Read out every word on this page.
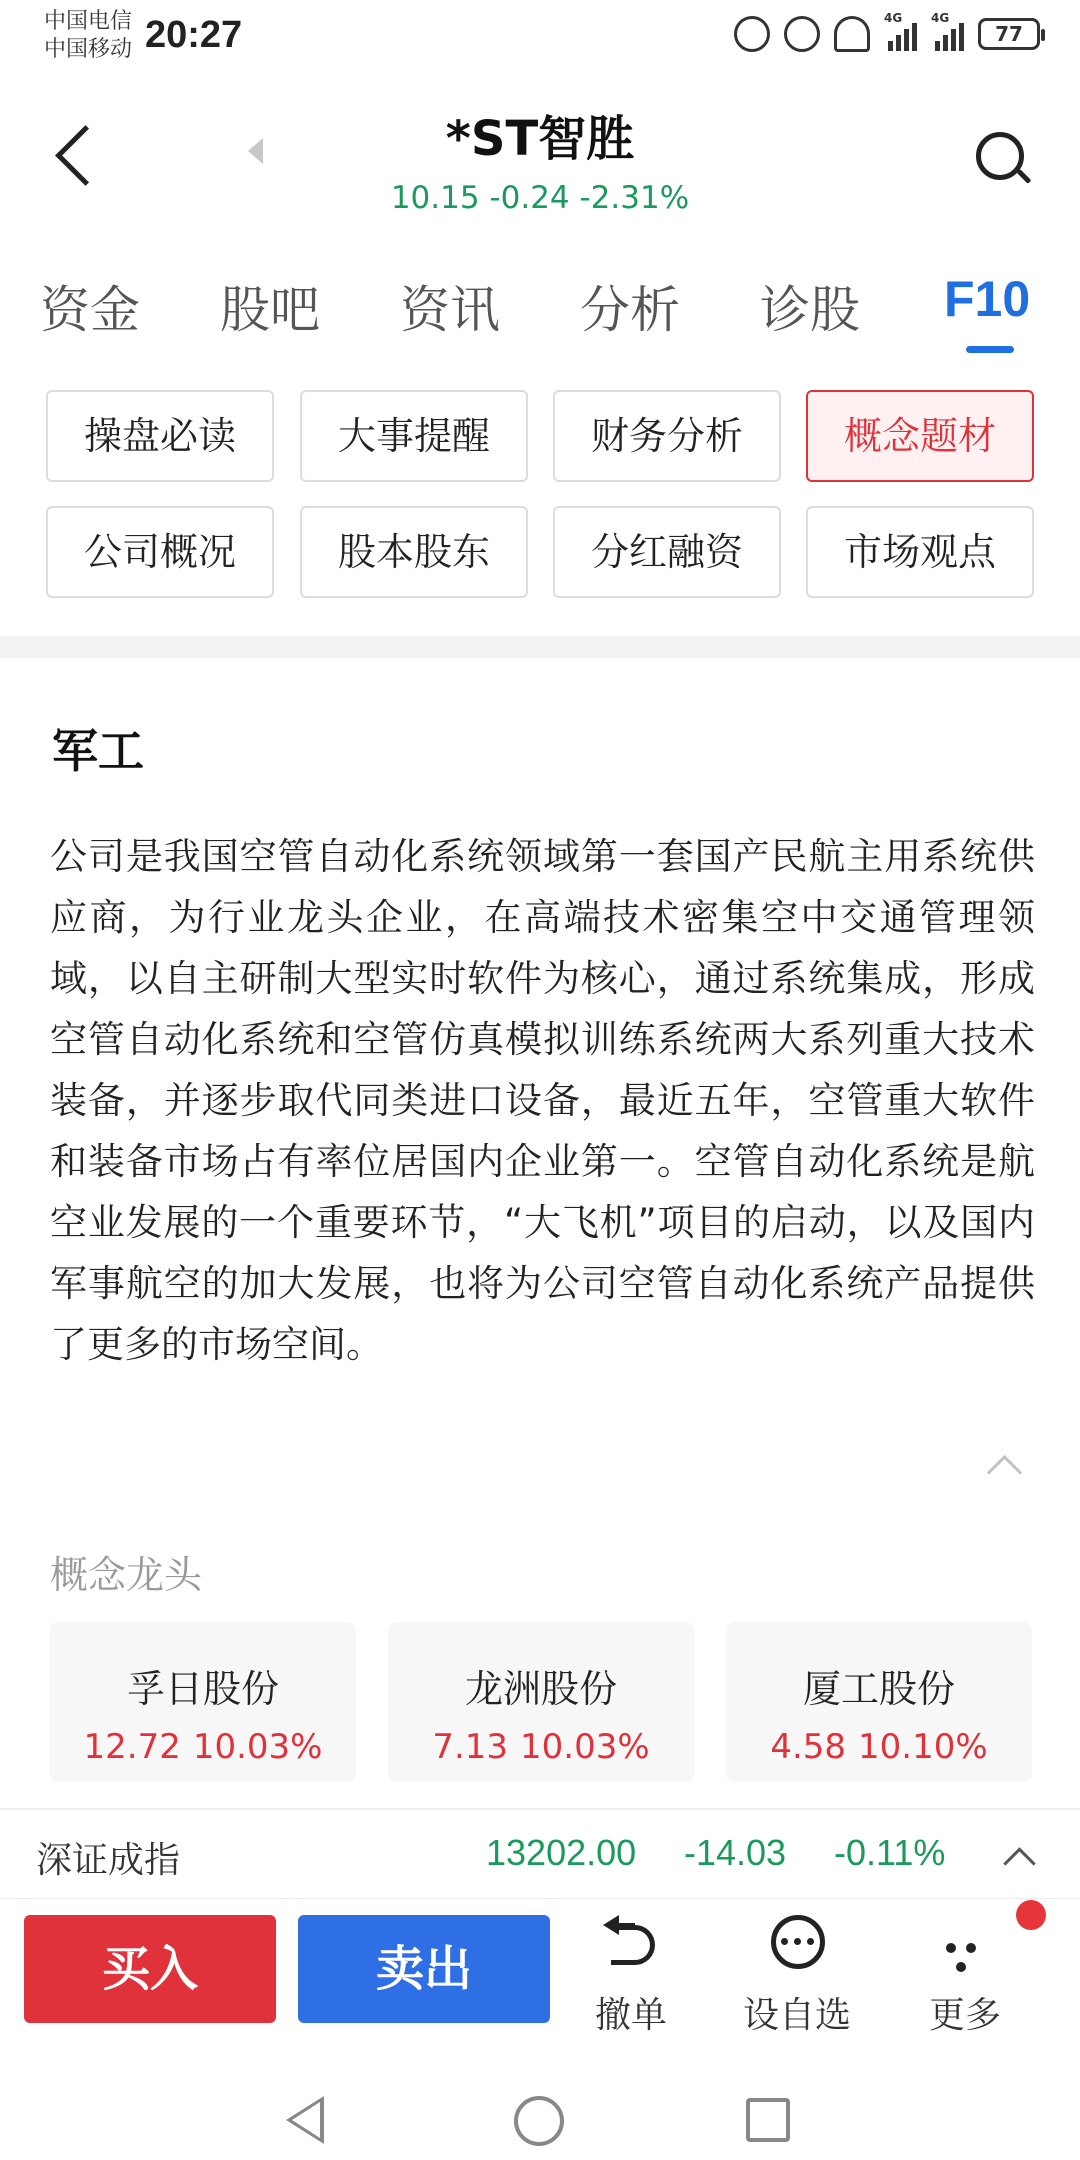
中国电信
中国移动 20:27	4G 4G
77
*ST智胜
10.15 -0.24 -2.31%
资金 股吧 资讯 分析 诊股 F10
操盘必读	大事提醒	财务分析	概念题材
公司概况	股本股东	分红融资	市场观点
军工
公司是我国空管自动化系统领域第一套国产民航主用系统供应商，为行业龙头企业，在高端技术密集空中交通管理领域，以自主研制大型实时软件为核心，通过系统集成，形成空管自动化系统和空管仿真模拟训练系统两大系列重大技术装备，并逐步取代同类进口设备，最近五年，空管重大软件和装备市场占有率位居国内企业第一。空管自动化系统是航空业发展的一个重要环节，“大飞机”项目的启动，以及国内军事航空的加大发展，也将为公司空管自动化系统产品提供了更多的市场空间。
概念龙头
孚日股份
12.72 10.03%
龙洲股份
7.13 10.03%
厦工股份
4.58 10.10%
深证成指	13202.00 -14.03 -0.11%
买入	卖出
撤单	设自选	更多
